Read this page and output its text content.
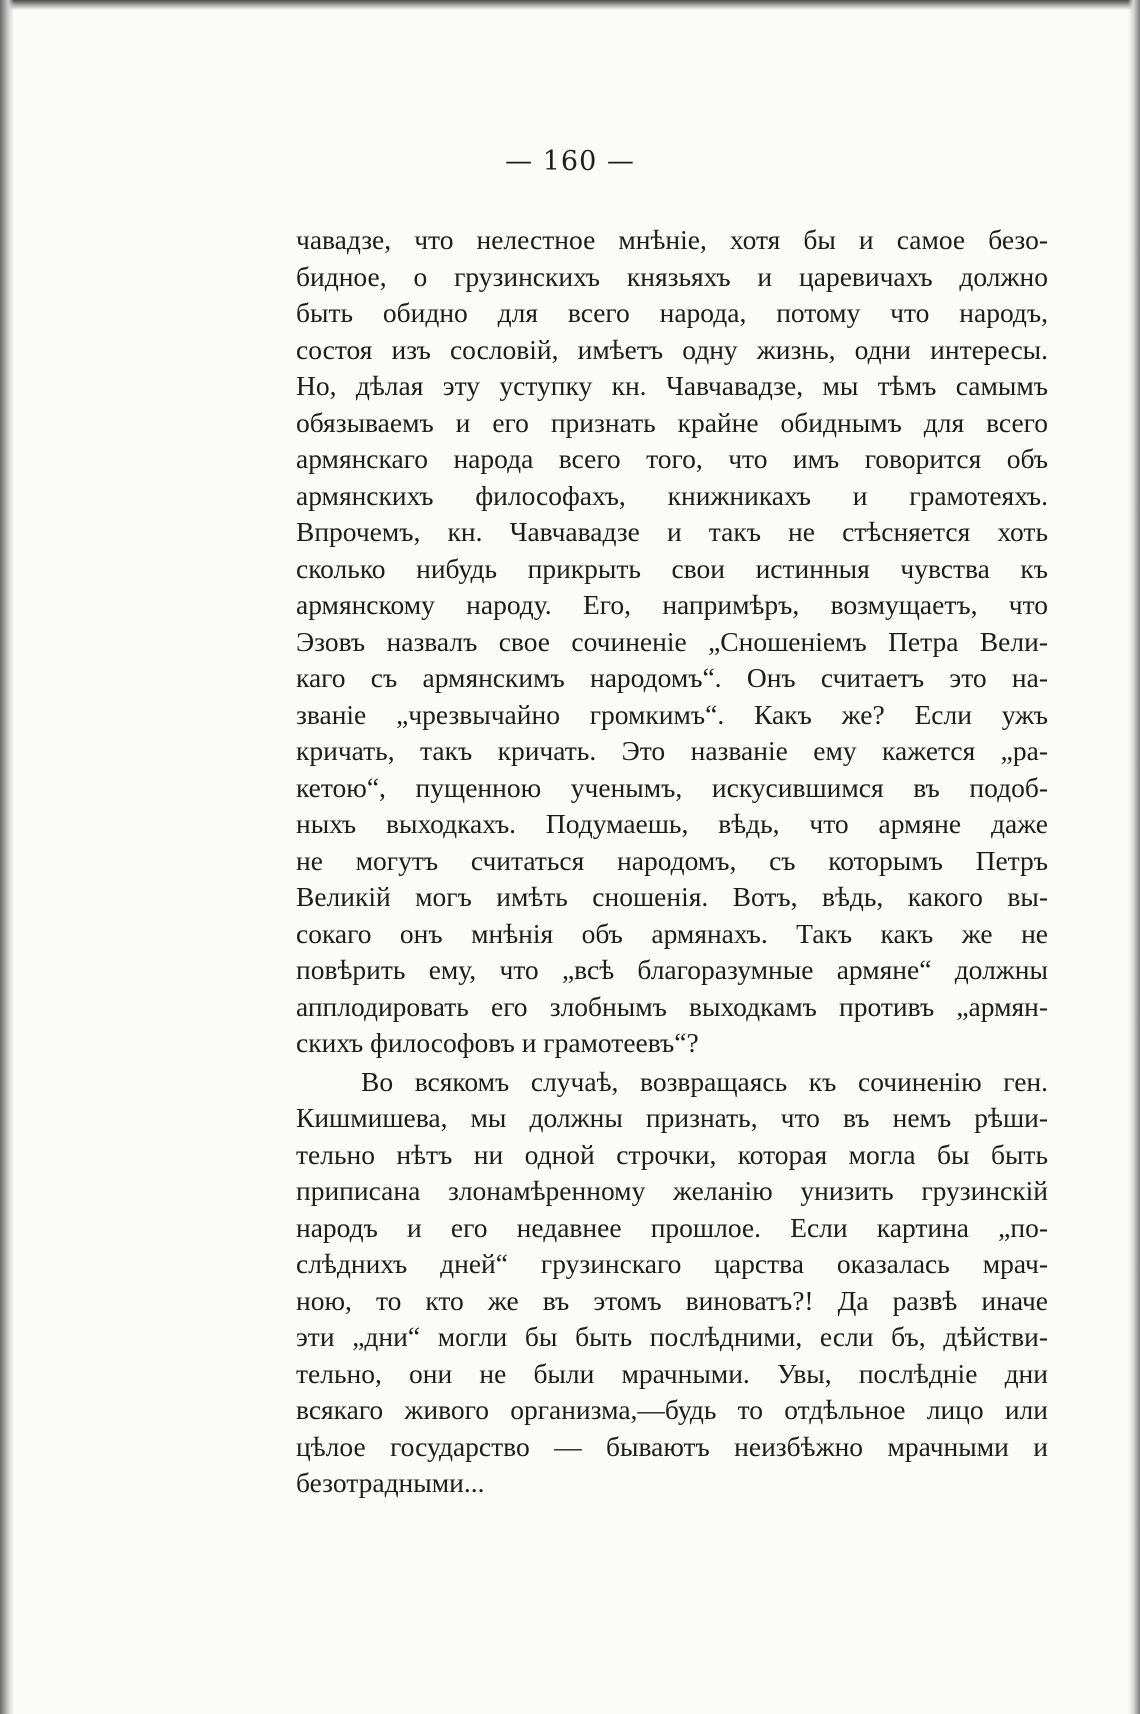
— 160 —
чавадзе, что нелестное мнѣніе, хотя бы и самое безо-
бидное, о грузинскихъ князьяхъ и царевичахъ должно
быть обидно для всего народа, потому что народъ,
состоя изъ сословій, имѣетъ одну жизнь, одни интересы.
Но, дѣлая эту уступку кн. Чавчавадзе, мы тѣмъ самымъ
обязываемъ и его признать крайне обиднымъ для всего
армянскаго народа всего того, что имъ говорится объ
армянскихъ философахъ, книжникахъ и грамотеяхъ.
Впрочемъ, кн. Чавчавадзе и такъ не стѣсняется хоть
сколько нибудь прикрыть свои истинныя чувства къ
армянскому народу. Его, напримѣръ, возмущаетъ, что
Эзовъ назвалъ свое сочиненіе „Сношеніемъ Петра Вели-
каго съ армянскимъ народомъ“. Онъ считаетъ это на-
званіе „чрезвычайно громкимъ“. Какъ же? Если ужъ
кричать, такъ кричать. Это названіе ему кажется „ра-
кетою“, пущенною ученымъ, искусившимся въ подоб-
ныхъ выходкахъ. Подумаешь, вѣдь, что армяне даже
не могутъ считаться народомъ, съ которымъ Петръ
Великій могъ имѣть сношенія. Вотъ, вѣдь, какого вы-
сокаго онъ мнѣнія объ армянахъ. Такъ какъ же не
повѣрить ему, что „всѣ благоразумные армяне“ должны
апплодировать его злобнымъ выходкамъ противъ „армян-
скихъ философовъ и грамотеевъ“?
Во всякомъ случаѣ, возвращаясь къ сочиненію ген.
Кишмишева, мы должны признать, что въ немъ рѣши-
тельно нѣтъ ни одной строчки, которая могла бы быть
приписана злонамѣренному желанію унизить грузинскій
народъ и его недавнее прошлое. Если картина „по-
слѣднихъ дней“ грузинскаго царства оказалась мрач-
ною, то кто же въ этомъ виноватъ?! Да развѣ иначе
эти „дни“ могли бы быть послѣдними, если бъ, дѣйстви-
тельно, они не были мрачными. Увы, послѣдніе дни
всякаго живого организма,—будь то отдѣльное лицо или
цѣлое государство — бываютъ неизбѣжно мрачными и
безотрадными...
